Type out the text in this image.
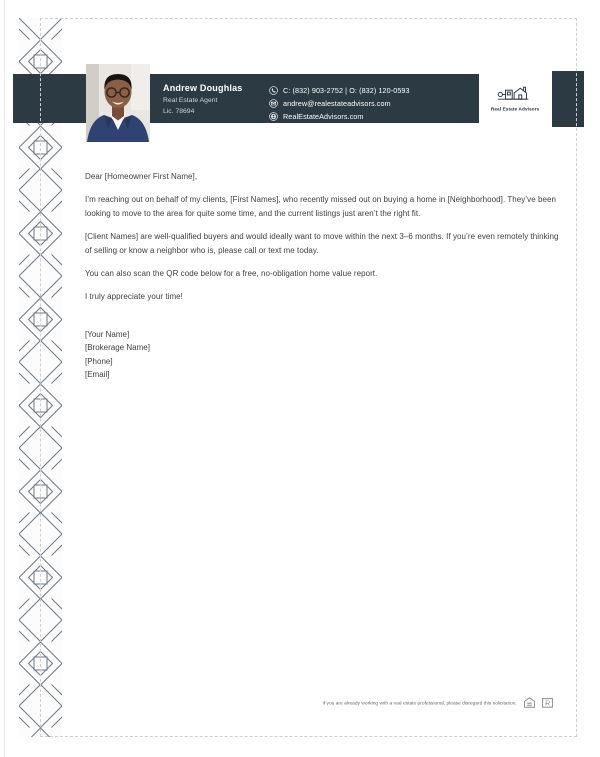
Real Estate Advisors
Andrew Doughlas
Real Estate Agent
Lic. 78694
C: (832) 903-2752 | O: (832) 120-0593
andrew@realestateadvisors.com
RealEstateAdvisors.com

Dear [Homeowner First Name],

I’m reaching out on behalf of my clients, [First Names], who recently missed out on buying a home in [Neighborhood]. They’ve been looking to move to the area for quite some time, and the current listings just aren’t the right fit.

[Client Names] are well-qualified buyers and would ideally want to move within the next 3–6 months. If you’re even remotely thinking of selling or know a neighbor who is, please call or text me today.

You can also scan the QR code below for a free, no-obligation home value report.

I truly appreciate your time!

[Your Name]
[Brokerage Name]
[Phone]
[Email]
If you are already working with a real estate professional, please disregard this solicitation.	R
